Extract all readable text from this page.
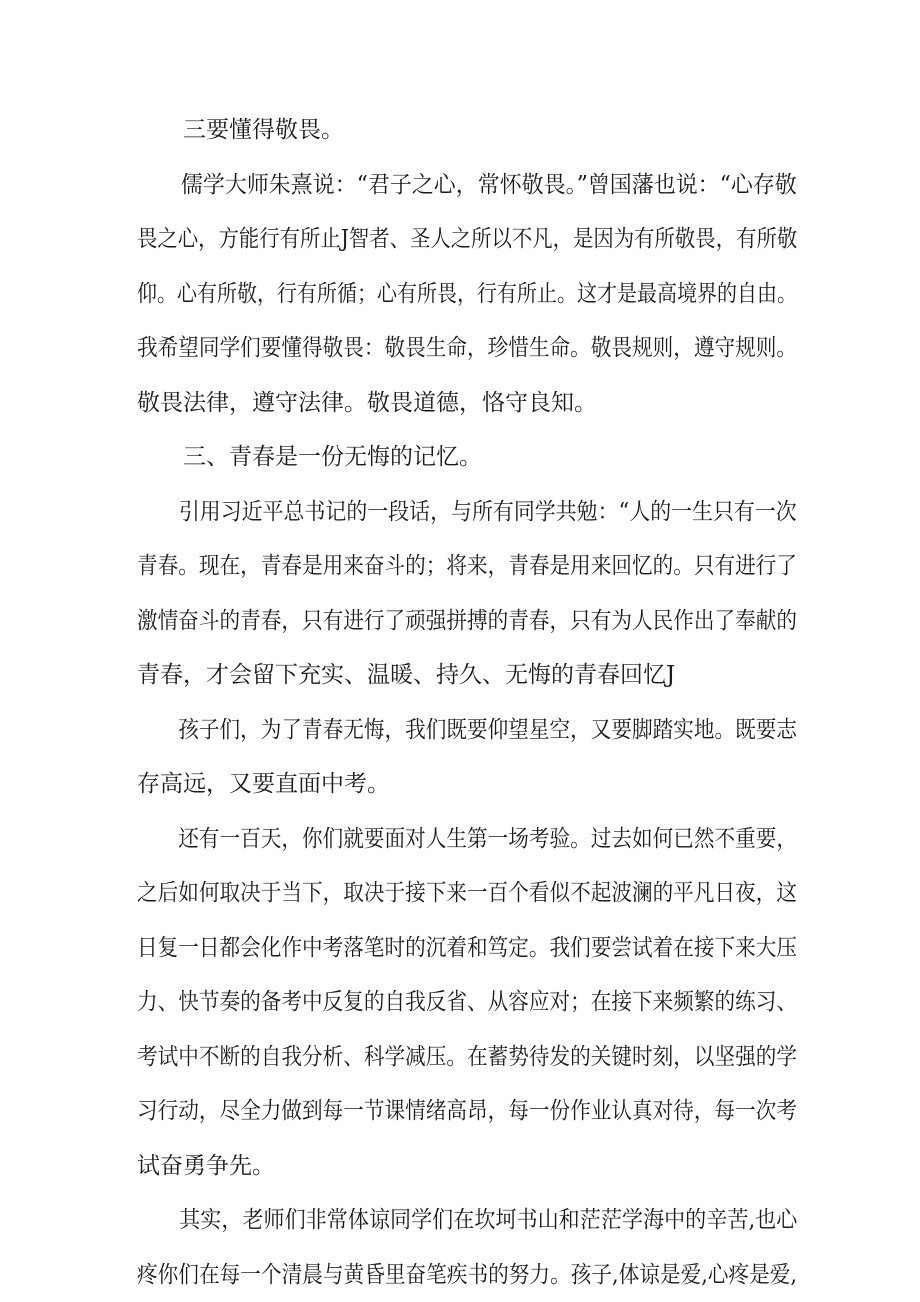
三要懂得敬畏。
儒学大师朱熹说：“君子之心，常怀敬畏。”曾国藩也说：“心存敬
畏之心，方能行有所止J智者、圣人之所以不凡，是因为有所敬畏，有所敬
仰。心有所敬，行有所循；心有所畏，行有所止。这才是最高境界的自由。
我希望同学们要懂得敬畏：敬畏生命，珍惜生命。敬畏规则，遵守规则。
敬畏法律，遵守法律。敬畏道德，恪守良知。
三、青春是一份无悔的记忆。
引用习近平总书记的一段话，与所有同学共勉：“人的一生只有一次
青春。现在，青春是用来奋斗的；将来，青春是用来回忆的。只有进行了
激情奋斗的青春，只有进行了顽强拼搏的青春，只有为人民作出了奉献的
青春，才会留下充实、温暖、持久、无悔的青春回忆J
孩子们，为了青春无悔，我们既要仰望星空，又要脚踏实地。既要志
存高远，又要直面中考。
还有一百天，你们就要面对人生第一场考验。过去如何已然不重要，
之后如何取决于当下，取决于接下来一百个看似不起波澜的平凡日夜，这
日复一日都会化作中考落笔时的沉着和笃定。我们要尝试着在接下来大压
力、快节奏的备考中反复的自我反省、从容应对；在接下来频繁的练习、
考试中不断的自我分析、科学减压。在蓄势待发的关键时刻，以坚强的学
习行动，尽全力做到每一节课情绪高昂，每一份作业认真对待，每一次考
试奋勇争先。
其实，老师们非常体谅同学们在坎坷书山和茫茫学海中的辛苦,也心
疼你们在每一个清晨与黄昏里奋笔疾书的努力。孩子,体谅是爱,心疼是爱,
